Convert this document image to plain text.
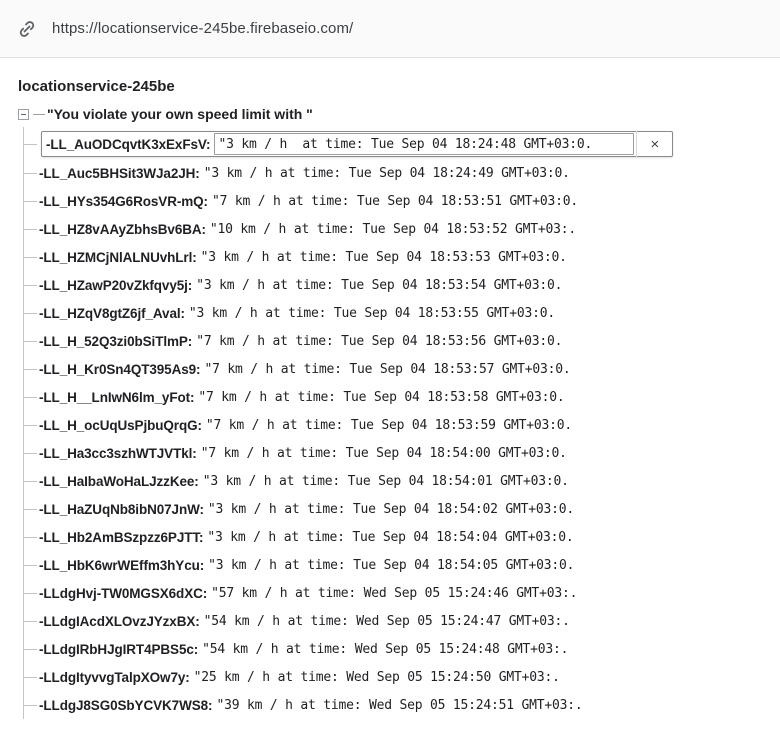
https://locationservice-245be.firebaseio.com/
locationservice-245be
"You violate your own speed limit with "
-LL_AuODCqvtK3xExFsV:
"3 km / h at time: Tue Sep 04 18:24:48 GMT+03:0.	×
-LL_Auc5BHSit3WJa2JH: "3 km / h at time: Tue Sep 04 18:24:49 GMT+03:0.
-LL_HYs354G6RosVR-mQ: "7 km / h at time: Tue Sep 04 18:53:51 GMT+03:0.
-LL_HZ8vAAyZbhsBv6BA: "10 km / h at time: Tue Sep 04 18:53:52 GMT+03:.
-LL_HZMCjNlALNUvhLrl: "3 km / h at time: Tue Sep 04 18:53:53 GMT+03:0.
-LL_HZawP20vZkfqvy5j: "3 km / h at time: Tue Sep 04 18:53:54 GMT+03:0.
-LL_HZqV8gtZ6jf_Aval: "3 km / h at time: Tue Sep 04 18:53:55 GMT+03:0.
-LL_H_52Q3zi0bSiTlmP: "7 km / h at time: Tue Sep 04 18:53:56 GMT+03:0.
-LL_H_Kr0Sn4QT395As9: "7 km / h at time: Tue Sep 04 18:53:57 GMT+03:0.
-LL_H__LnIwN6lm_yFot: "7 km / h at time: Tue Sep 04 18:53:58 GMT+03:0.
-LL_H_ocUqUsPjbuQrqG: "7 km / h at time: Tue Sep 04 18:53:59 GMT+03:0.
-LL_Ha3cc3szhWTJVTkl: "7 km / h at time: Tue Sep 04 18:54:00 GMT+03:0.
-LL_HaIbaWoHaLJzzKee: "3 km / h at time: Tue Sep 04 18:54:01 GMT+03:0.
-LL_HaZUqNb8ibN07JnW: "3 km / h at time: Tue Sep 04 18:54:02 GMT+03:0.
-LL_Hb2AmBSzpzz6PJTT: "3 km / h at time: Tue Sep 04 18:54:04 GMT+03:0.
-LL_HbK6wrWEffm3hYcu: "3 km / h at time: Tue Sep 04 18:54:05 GMT+03:0.
-LLdgHvj-TW0MGSX6dXC: "57 km / h at time: Wed Sep 05 15:24:46 GMT+03:.
-LLdgIAcdXLOvzJYzxBX: "54 km / h at time: Wed Sep 05 15:24:47 GMT+03:.
-LLdgIRbHJgIRT4PBS5c: "54 km / h at time: Wed Sep 05 15:24:48 GMT+03:.
-LLdgItyvvgTalpXOw7y: "25 km / h at time: Wed Sep 05 15:24:50 GMT+03:.
-LLdgJ8SG0SbYCVK7WS8: "39 km / h at time: Wed Sep 05 15:24:51 GMT+03:.
